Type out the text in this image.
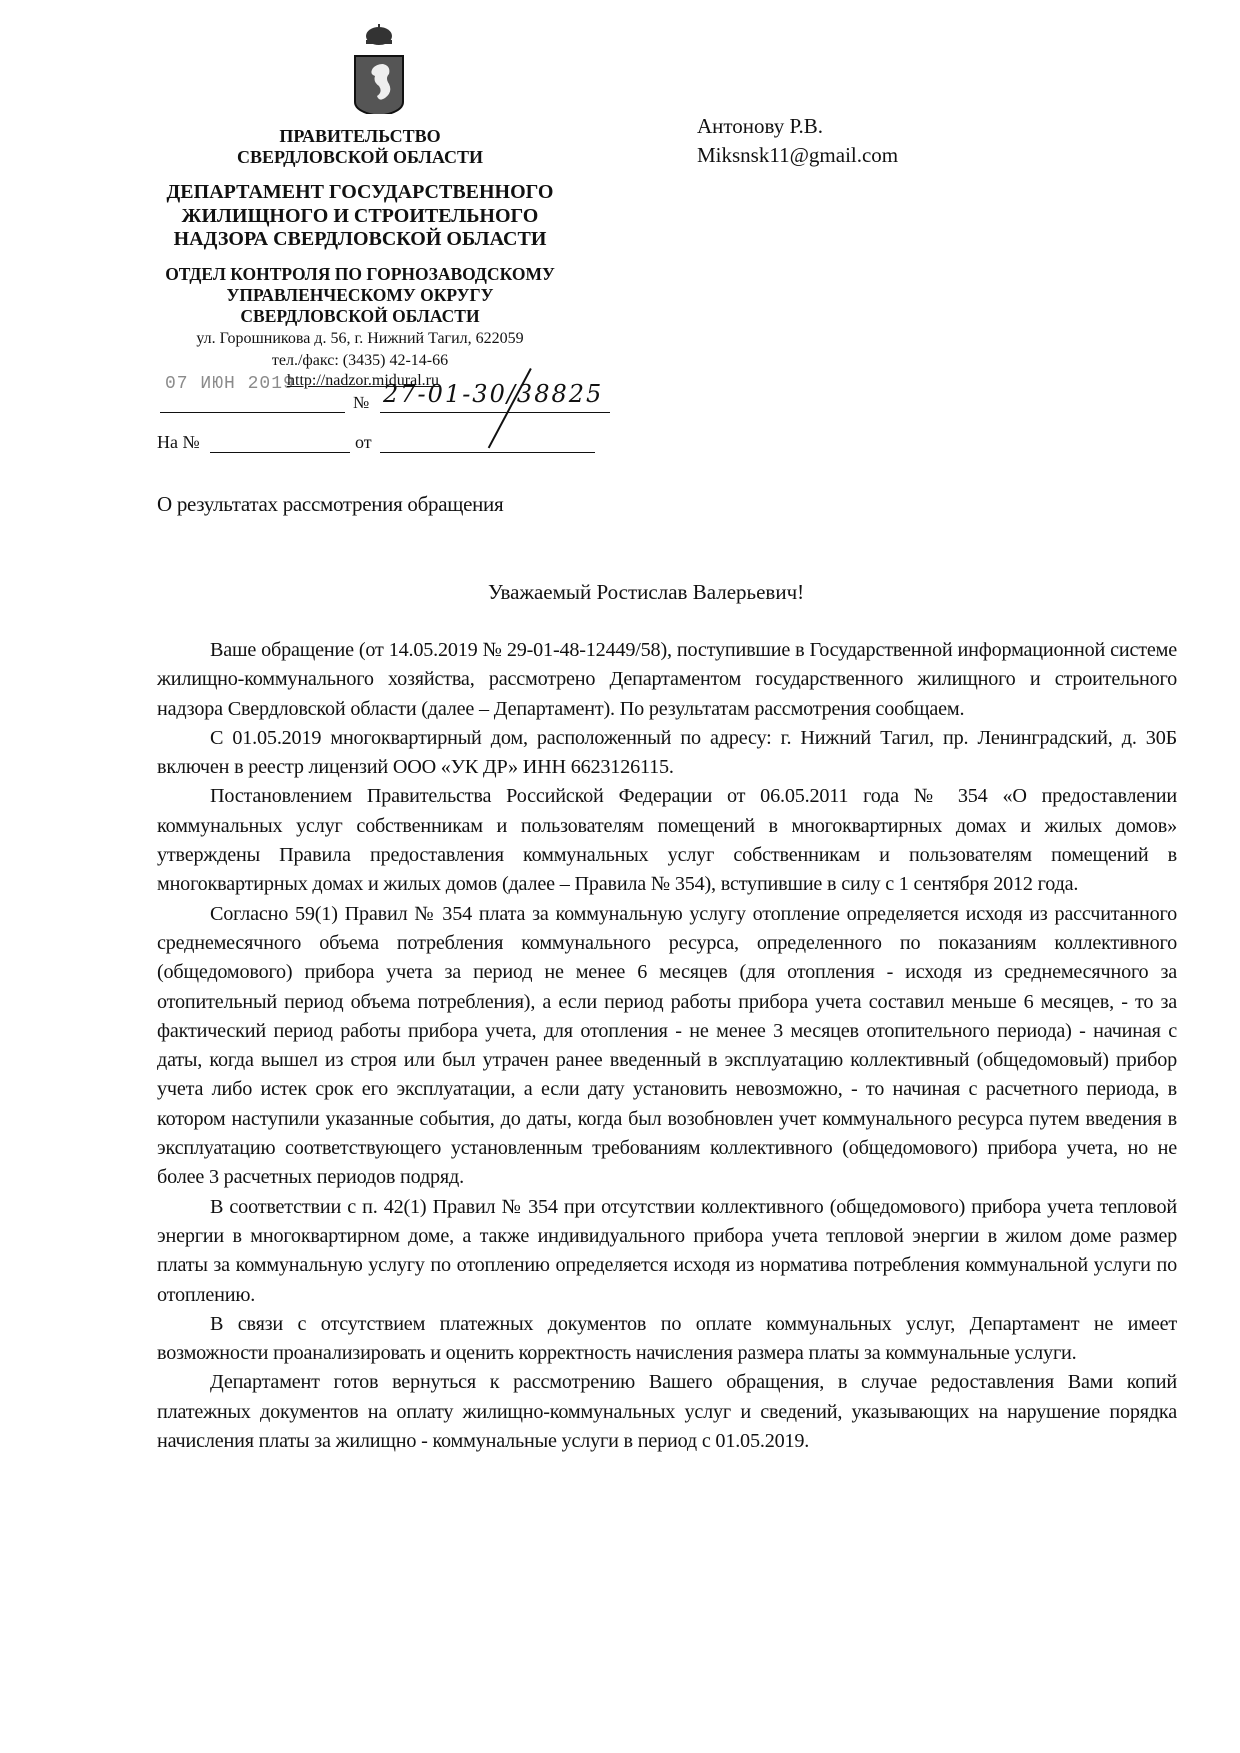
ПРАВИТЕЛЬСТВО
СВЕРДЛОВСКОЙ ОБЛАСТИ
ДЕПАРТАМЕНТ ГОСУДАРСТВЕННОГО
ЖИЛИЩНОГО И СТРОИТЕЛЬНОГО
НАДЗОРА СВЕРДЛОВСКОЙ ОБЛАСТИ
ОТДЕЛ КОНТРОЛЯ ПО ГОРНОЗАВОДСКОМУ
УПРАВЛЕНЧЕСКОМУ ОКРУГУ
СВЕРДЛОВСКОЙ ОБЛАСТИ
ул. Горошникова д. 56, г. Нижний Тагил, 622059
тел./факс: (3435) 42-14-66
07 ИЮН 2019
http://nadzor.midural.ru
№ 27-01-30/38825
На №	от
Антонову Р.В.
Miksnsk11@gmail.com
О результатах рассмотрения обращения
Уважаемый Ростислав Валерьевич!

Ваше обращение (от 14.05.2019 № 29-01-48-12449/58), поступившие в Государственной информационной системе жилищно-коммунального хозяйства, рассмотрено Департаментом государственного жилищного и строительного надзора Свердловской области (далее – Департамент). По результатам рассмотрения сообщаем.

С 01.05.2019 многоквартирный дом, расположенный по адресу: г. Нижний Тагил, пр. Ленинградский, д. 30Б включен в реестр лицензий ООО «УК ДР» ИНН 6623126115.

Постановлением Правительства Российской Федерации от 06.05.2011 года № 354 «О предоставлении коммунальных услуг собственникам и пользователям помещений в многоквартирных домах и жилых домов» утверждены Правила предоставления коммунальных услуг собственникам и пользователям помещений в многоквартирных домах и жилых домов (далее – Правила № 354), вступившие в силу с 1 сентября 2012 года.

Согласно 59(1) Правил № 354 плата за коммунальную услугу отопление определяется исходя из рассчитанного среднемесячного объема потребления коммунального ресурса, определенного по показаниям коллективного (общедомового) прибора учета за период не менее 6 месяцев (для отопления - исходя из среднемесячного за отопительный период объема потребления), а если период работы прибора учета составил меньше 6 месяцев, - то за фактический период работы прибора учета, для отопления - не менее 3 месяцев отопительного периода) - начиная с даты, когда вышел из строя или был утрачен ранее введенный в эксплуатацию коллективный (общедомовый) прибор учета либо истек срок его эксплуатации, а если дату установить невозможно, - то начиная с расчетного периода, в котором наступили указанные события, до даты, когда был возобновлен учет коммунального ресурса путем введения в эксплуатацию соответствующего установленным требованиям коллективного (общедомового) прибора учета, но не более 3 расчетных периодов подряд.

В соответствии с п. 42(1) Правил № 354 при отсутствии коллективного (общедомового) прибора учета тепловой энергии в многоквартирном доме, а также индивидуального прибора учета тепловой энергии в жилом доме размер платы за коммунальную услугу по отоплению определяется исходя из норматива потребления коммунальной услуги по отоплению.

В связи с отсутствием платежных документов по оплате коммунальных услуг, Департамент не имеет возможности проанализировать и оценить корректность начисления размера платы за коммунальные услуги.

Департамент готов вернуться к рассмотрению Вашего обращения, в случае редоставления Вами копий платежных документов на оплату жилищно-коммунальных услуг и сведений, указывающих на нарушение порядка начисления платы за жилищно - коммунальные услуги в период с 01.05.2019.
